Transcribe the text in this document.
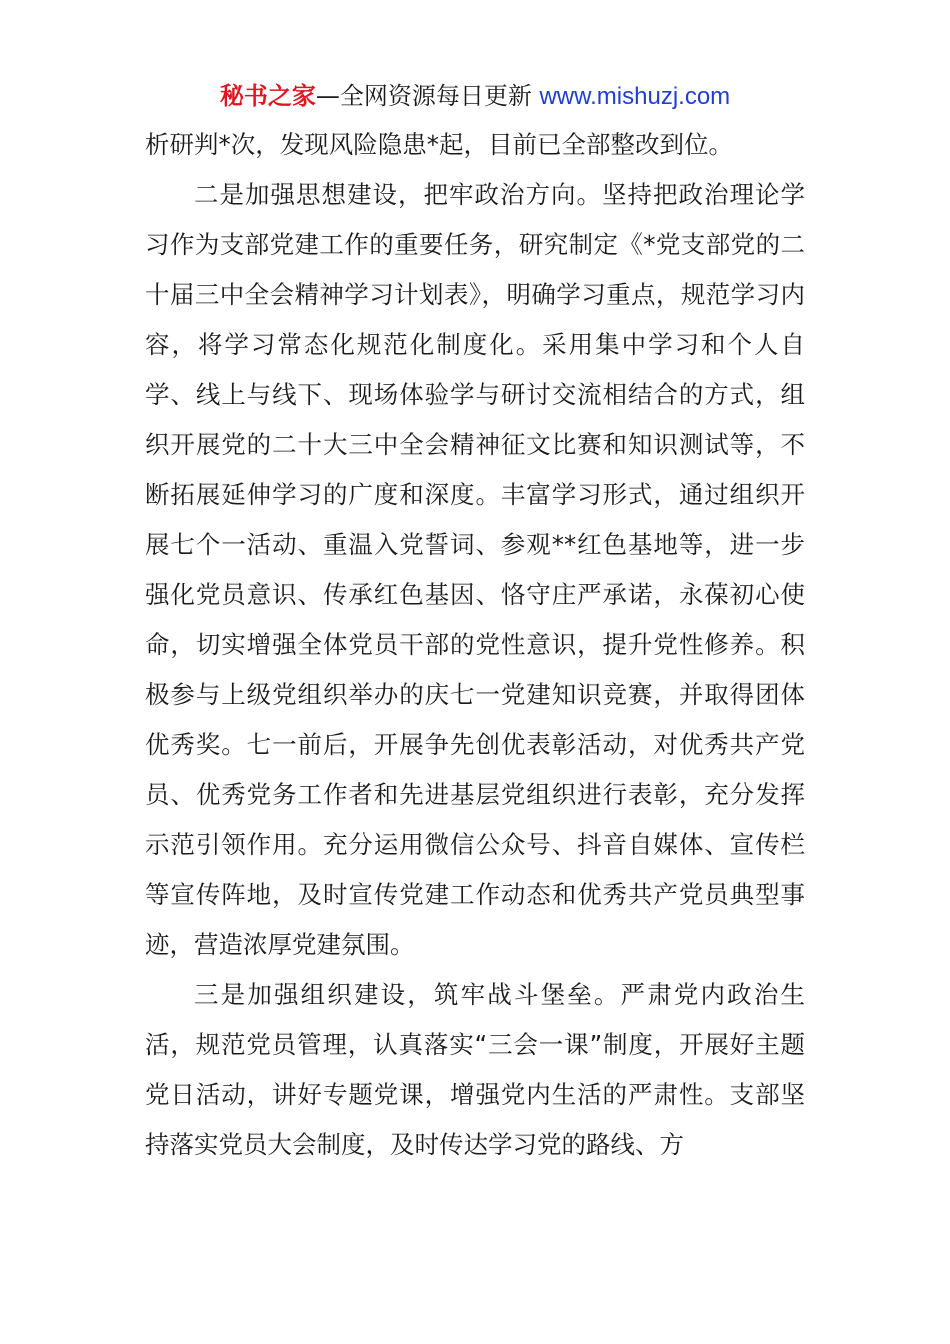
秘书之家—全网资源每日更新 www.mishuzj.com

析研判*次，发现风险隐患*起，目前已全部整改到位。

二是加强思想建设，把牢政治方向。坚持把政治理论学习作为支部党建工作的重要任务，研究制定《*党支部党的二十届三中全会精神学习计划表》，明确学习重点，规范学习内容，将学习常态化规范化制度化。采用集中学习和个人自学、线上与线下、现场体验学与研讨交流相结合的方式，组织开展党的二十大三中全会精神征文比赛和知识测试等，不断拓展延伸学习的广度和深度。丰富学习形式，通过组织开展七个一活动、重温入党誓词、参观**红色基地等，进一步强化党员意识、传承红色基因、恪守庄严承诺，永葆初心使命，切实增强全体党员干部的党性意识，提升党性修养。积极参与上级党组织举办的庆七一党建知识竞赛，并取得团体优秀奖。七一前后，开展争先创优表彰活动，对优秀共产党员、优秀党务工作者和先进基层党组织进行表彰，充分发挥示范引领作用。充分运用微信公众号、抖音自媒体、宣传栏等宣传阵地，及时宣传党建工作动态和优秀共产党员典型事迹，营造浓厚党建氛围。

三是加强组织建设，筑牢战斗堡垒。严肃党内政治生活，规范党员管理，认真落实“三会一课”制度，开展好主题党日活动，讲好专题党课，增强党内生活的严肃性。支部坚持落实党员大会制度，及时传达学习党的路线、方
